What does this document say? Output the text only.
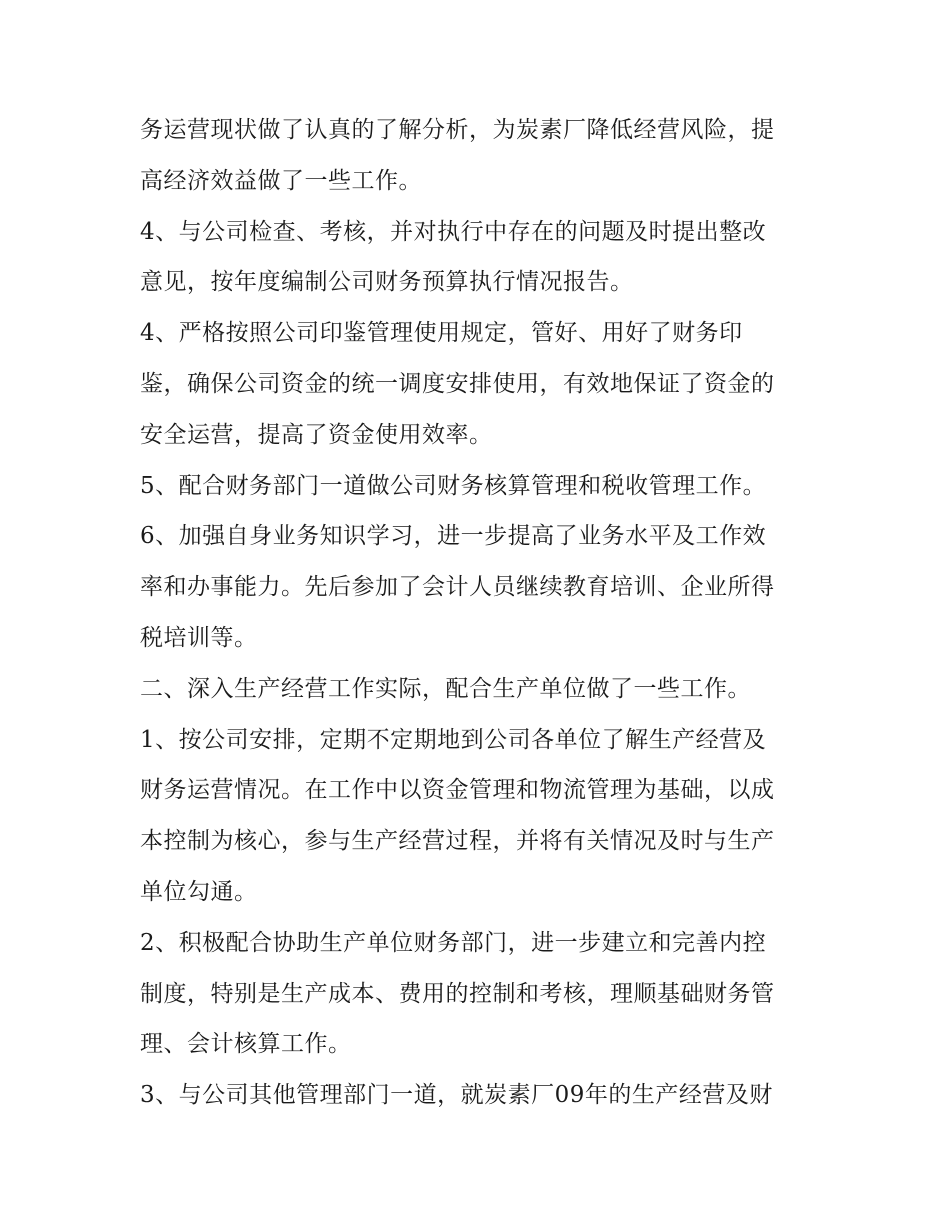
务运营现状做了认真的了解分析，为炭素厂降低经营风险，提
高经济效益做了一些工作。
4、与公司检查、考核，并对执行中存在的问题及时提出整改
意见，按年度编制公司财务预算执行情况报告。
4、严格按照公司印鉴管理使用规定，管好、用好了财务印
鉴，确保公司资金的统一调度安排使用，有效地保证了资金的
安全运营，提高了资金使用效率。
5、配合财务部门一道做公司财务核算管理和税收管理工作。
6、加强自身业务知识学习，进一步提高了业务水平及工作效
率和办事能力。先后参加了会计人员继续教育培训、企业所得
税培训等。
二、深入生产经营工作实际，配合生产单位做了一些工作。
1、按公司安排，定期不定期地到公司各单位了解生产经营及
财务运营情况。在工作中以资金管理和物流管理为基础，以成
本控制为核心，参与生产经营过程，并将有关情况及时与生产
单位勾通。
2、积极配合协助生产单位财务部门，进一步建立和完善内控
制度，特别是生产成本、费用的控制和考核，理顺基础财务管
理、会计核算工作。
3、与公司其他管理部门一道，就炭素厂09年的生产经营及财
